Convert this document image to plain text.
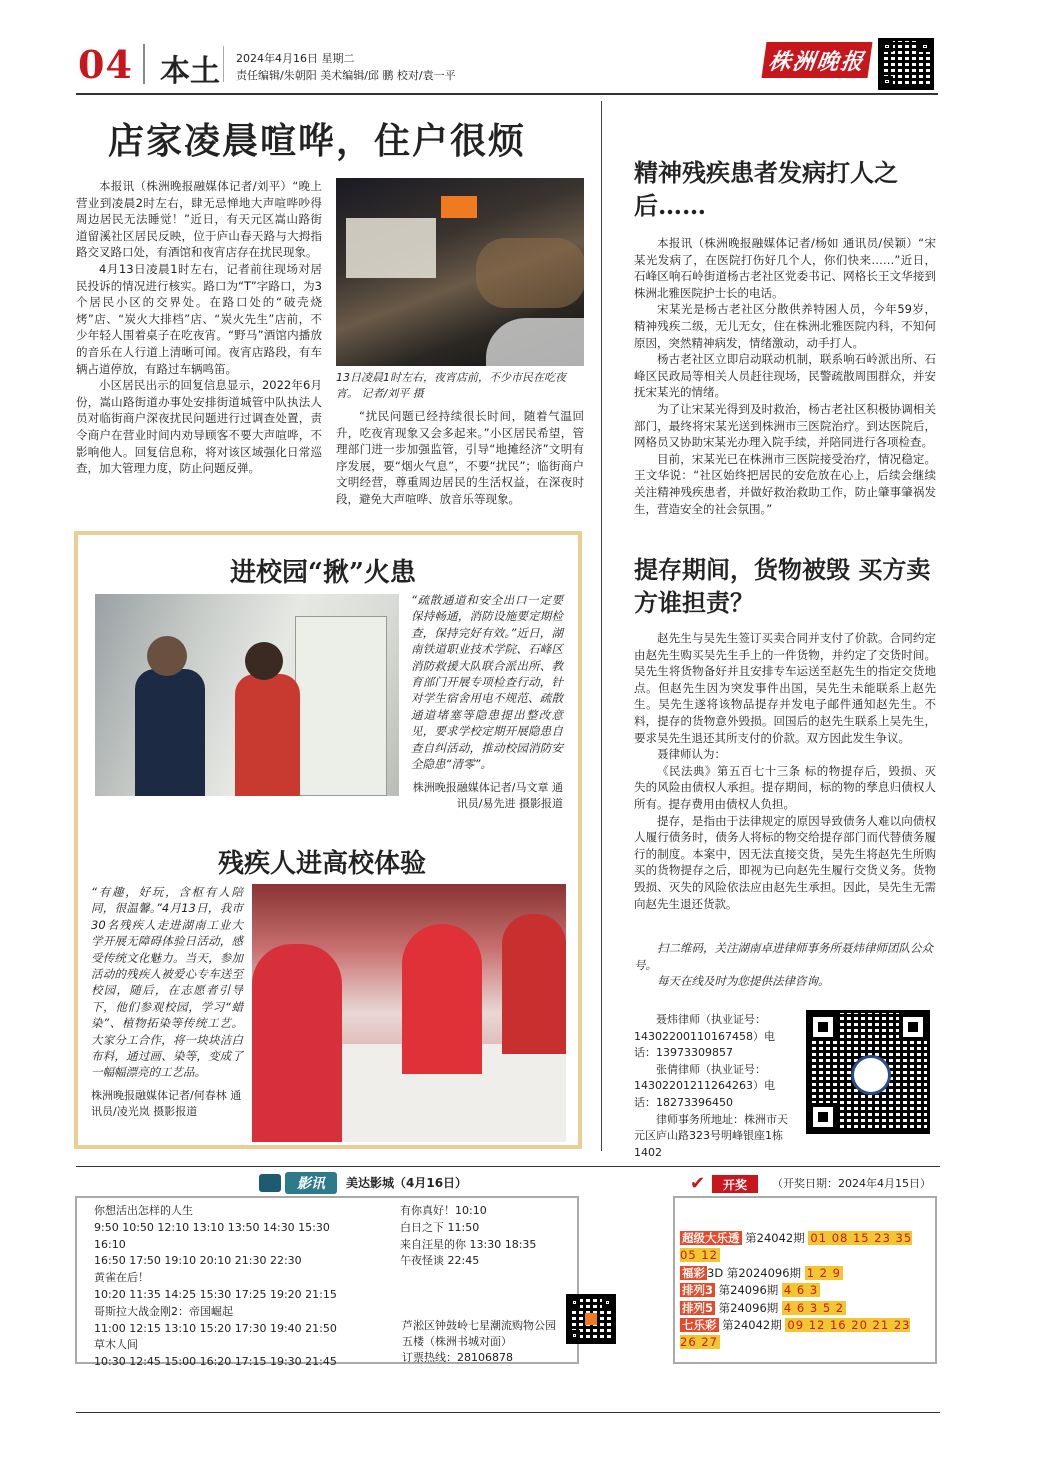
04 本土 2024年4月16日 星期二
责任编辑/朱朝阳 美术编辑/邱 鹏 校对/袁一平
株洲晚报
店家凌晨喧哗，住户很烦

本报讯（株洲晚报融媒体记者/刘平）“晚上营业到凌晨2时左右，肆无忌惮地大声喧哗吵得周边居民无法睡觉！”近日，有天元区嵩山路街道留溪社区居民反映，位于庐山春天路与大拇指路交叉路口处，有酒馆和夜宵店存在扰民现象。

4月13日凌晨1时左右，记者前往现场对居民投诉的情况进行核实。路口为“T”字路口，为3个居民小区的交界处。在路口处的“破壳烧烤”店、“炭火大排档”店、“炭火先生”店前，不少年轻人围着桌子在吃夜宵。“野马”酒馆内播放的音乐在人行道上清晰可闻。夜宵店路段，有车辆占道停放，有路过车辆鸣笛。

小区居民出示的回复信息显示，2022年6月份，嵩山路街道办事处安排街道城管中队执法人员对临街商户深夜扰民问题进行过调查处置，责令商户在营业时间内劝导顾客不要大声喧哗，不影响他人。回复信息称，将对该区域强化日常巡查，加大管理力度，防止问题反弹。

13日凌晨1时左右，夜宵店前，不少市民在吃夜宵。 记者/刘平 摄

“扰民问题已经持续很长时间，随着气温回升，吃夜宵现象又会多起来。”小区居民希望，管理部门进一步加强监管，引导“地摊经济”文明有序发展，要“烟火气息”，不要“扰民”；临街商户文明经营，尊重周边居民的生活权益，在深夜时段，避免大声喧哗、放音乐等现象。

进校园“揪”火患
“疏散通道和安全出口一定要保持畅通，消防设施要定期检查，保持完好有效。”近日，湖南铁道职业技术学院、石峰区消防救援大队联合派出所、教育部门开展专项检查行动，针对学生宿舍用电不规范、疏散通道堵塞等隐患提出整改意见，要求学校定期开展隐患自查自纠活动，推动校园消防安全隐患“清零”。
株洲晚报融媒体记者/马文章 通讯员/易先进 摄影报道
残疾人进高校体验
“有趣，好玩，含枢有人陪同，很温馨。”4月13日，我市30名残疾人走进湖南工业大学开展无障碍体验日活动，感受传统文化魅力。当天，参加活动的残疾人被爱心专车送至校园，随后，在志愿者引导下，他们参观校园，学习“蜡染”、植物拓染等传统工艺。大家分工合作，将一块块洁白布料，通过画、染等，变成了一幅幅漂亮的工艺品。
株洲晚报融媒体记者/何春林 通讯员/凌光岚 摄影报道
精神残疾患者发病打人之后……

本报讯（株洲晚报融媒体记者/杨如 通讯员/侯颖）“宋某光发病了，在医院打伤好几个人，你们快来……”近日，石峰区响石岭街道杨古老社区党委书记、网格长王文华接到株洲北雅医院护士长的电话。

宋某光是杨古老社区分散供养特困人员，今年59岁，精神残疾二级，无儿无女，住在株洲北雅医院内科，不知何原因，突然精神病发，情绪激动，动手打人。

杨古老社区立即启动联动机制，联系响石岭派出所、石峰区民政局等相关人员赶往现场，民警疏散周围群众，并安抚宋某光的情绪。

为了让宋某光得到及时救治，杨古老社区积极协调相关部门，最终将宋某光送到株洲市三医院治疗。到达医院后，网格员又协助宋某光办理入院手续，并陪同进行各项检查。

目前，宋某光已在株洲市三医院接受治疗，情况稳定。王文华说：“社区始终把居民的安危放在心上，后续会继续关注精神残疾患者，并做好救治救助工作，防止肇事肇祸发生，营造安全的社会氛围。”

提存期间，货物被毁 买方卖方谁担责？

赵先生与吴先生签订买卖合同并支付了价款。合同约定由赵先生购买吴先生手上的一件货物，并约定了交货时间。吴先生将货物备好并且安排专车运送至赵先生的指定交货地点。但赵先生因为突发事件出国，吴先生未能联系上赵先生。吴先生遂将该物品提存并发电子邮件通知赵先生。不料，提存的货物意外毁损。回国后的赵先生联系上吴先生，要求吴先生退还其所支付的价款。双方因此发生争议。

聂律师认为：

《民法典》第五百七十三条 标的物提存后，毁损、灭失的风险由债权人承担。提存期间，标的物的孳息归债权人所有。提存费用由债权人负担。

提存，是指由于法律规定的原因导致债务人难以向债权人履行债务时，债务人将标的物交给提存部门而代替债务履行的制度。本案中，因无法直接交货，吴先生将赵先生所购买的货物提存之后，即视为已向赵先生履行交货义务。货物毁损、灭失的风险依法应由赵先生承担。因此，吴先生无需向赵先生退还货款。

扫二维码，关注湖南卓进律师事务所聂炜律师团队公众号。
每天在线及时为您提供法律咨询。
聂炜律师（执业证号：14302200110167458）电话：13973309857
张倩律师（执业证号：14302201211264263）电话：18273396450
律师事务所地址：株洲市天元区庐山路323号明峰银座1栋1402
影讯	美达影城（4月16日）
你想活出怎样的人生
9:50 10:50 12:10 13:10 13:50 14:30 15:30
16:10
16:50 17:50 19:10 20:10 21:30 22:30
黄雀在后！
10:20 11:35 14:25 15:30 17:25 19:20 21:15
哥斯拉大战金刚2：帝国崛起
11:00 12:15 13:10 15:20 17:30 19:40 21:50
草木人间
10:30 12:45 15:00 16:20 17:15 19:30 21:45
有你真好！10:10
白日之下 11:50
来自汪星的你 13:30 18:35
午夜怪谈 22:45
芦淞区钟鼓岭七星潮流购物公园五楼（株洲书城对面）
订票热线：28106878
✔	开奖	（开奖日期：2024年4月15日）
超级大乐透 第24042期 01 08 15 23 35 05 12
福彩 3D 第2024096期 1 2 9
排列3 第24096期 4 6 3
排列5 第24096期 4 6 3 5 2
七乐彩 第24042期 09 12 16 20 21 23 26 27
